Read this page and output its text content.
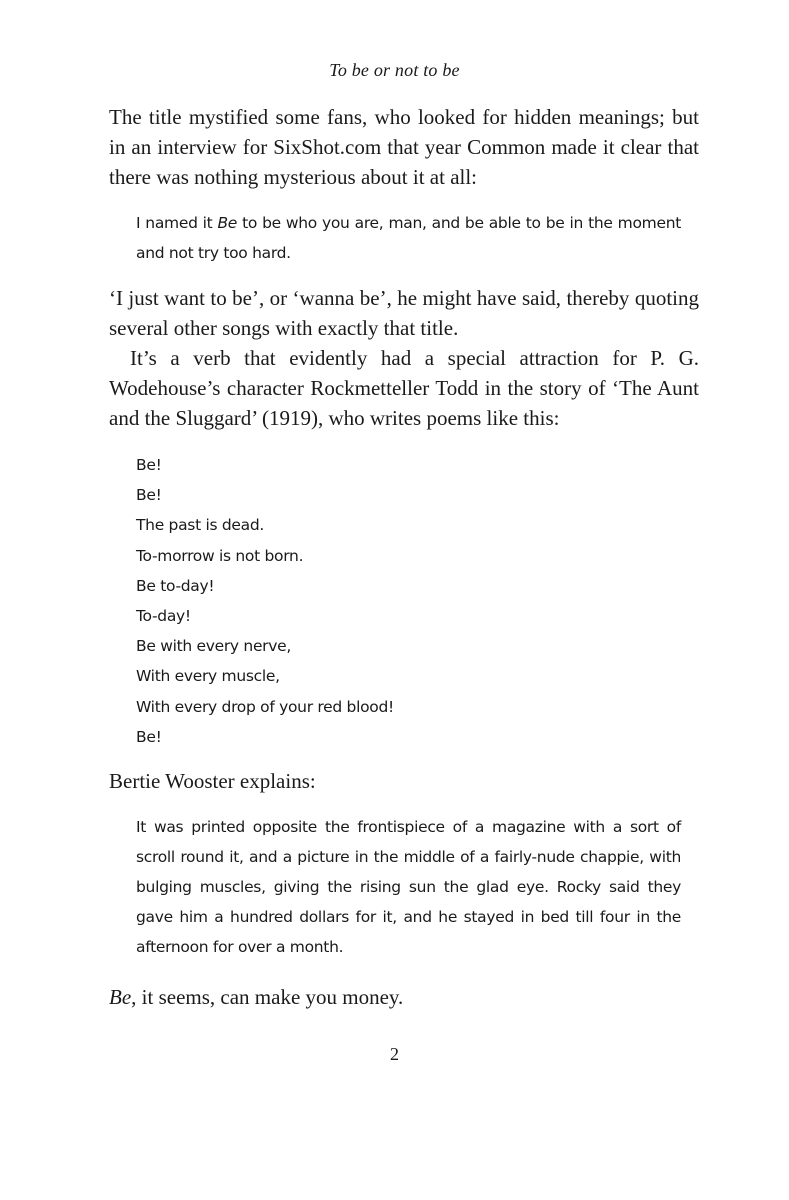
To be or not to be

The title mystified some fans, who looked for hidden meanings; but in an interview for SixShot.com that year Common made it clear that there was nothing mysterious about it at all:

I named it Be to be who you are, man, and be able to be in the moment and not try too hard.

‘I just want to be’, or ‘wanna be’, he might have said, thereby quoting several other songs with exactly that title.

It’s a verb that evidently had a special attraction for P. G. Wodehouse’s character Rockmetteller Todd in the story of ‘The Aunt and the Sluggard’ (1919), who writes poems like this:

Be!
Be!
The past is dead.
To-morrow is not born.
Be to-day!
To-day!
Be with every nerve,
With every muscle,
With every drop of your red blood!
Be!

Bertie Wooster explains:

It was printed opposite the frontispiece of a magazine with a sort of scroll round it, and a picture in the middle of a fairly-nude chappie, with bulging muscles, giving the rising sun the glad eye. Rocky said they gave him a hundred dollars for it, and he stayed in bed till four in the afternoon for over a month.

Be, it seems, can make you money.

2
